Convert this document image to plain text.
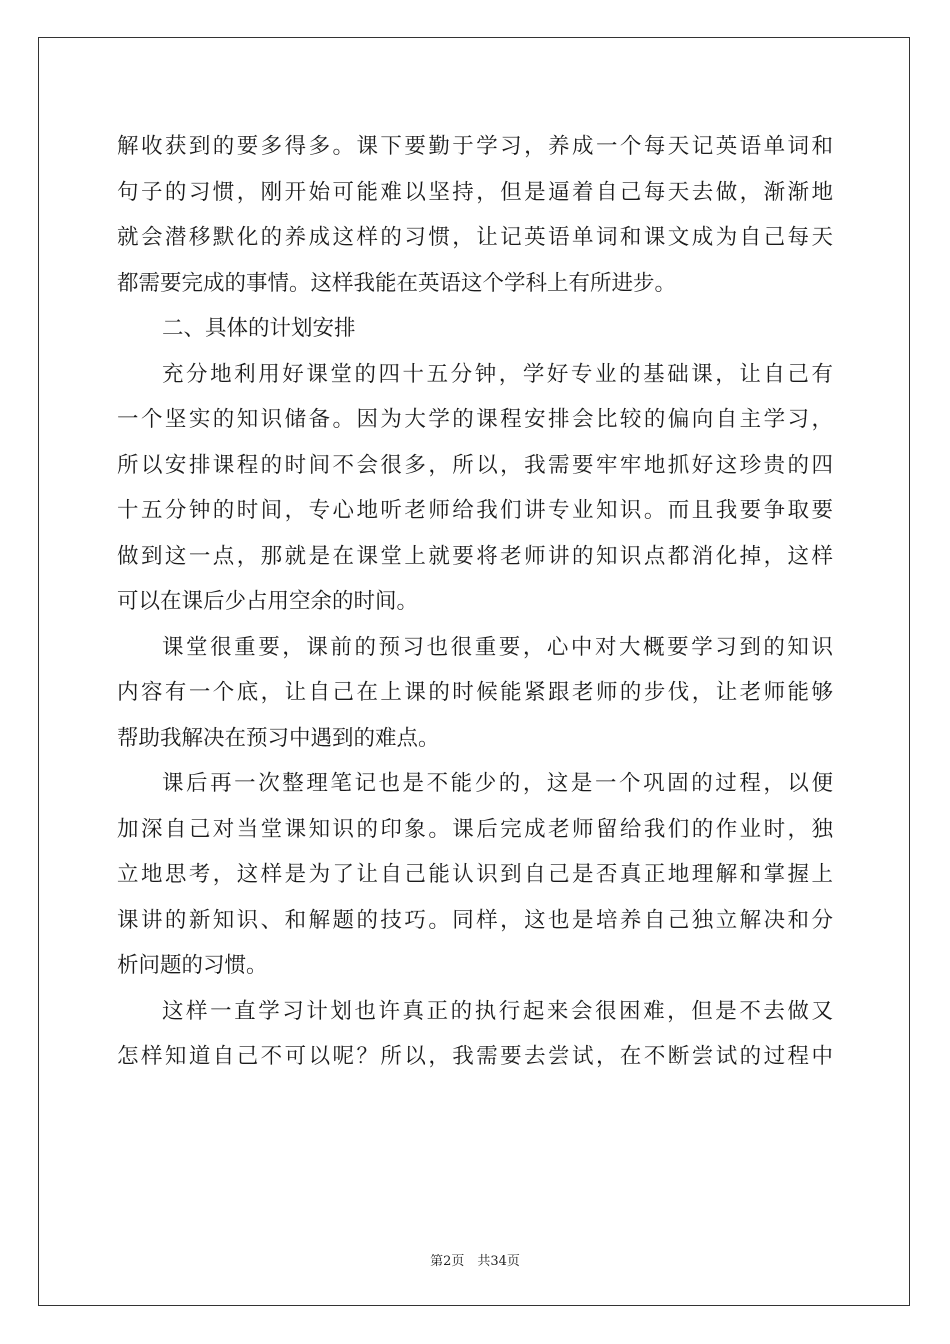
解收获到的要多得多。课下要勤于学习，养成一个每天记英语单词和
句子的习惯，刚开始可能难以坚持，但是逼着自己每天去做，渐渐地
就会潜移默化的养成这样的习惯，让记英语单词和课文成为自己每天
都需要完成的事情。这样我能在英语这个学科上有所进步。
二、具体的计划安排
充分地利用好课堂的四十五分钟，学好专业的基础课，让自己有
一个坚实的知识储备。因为大学的课程安排会比较的偏向自主学习，
所以安排课程的时间不会很多，所以，我需要牢牢地抓好这珍贵的四
十五分钟的时间，专心地听老师给我们讲专业知识。而且我要争取要
做到这一点，那就是在课堂上就要将老师讲的知识点都消化掉，这样
可以在课后少占用空余的时间。
课堂很重要，课前的预习也很重要，心中对大概要学习到的知识
内容有一个底，让自己在上课的时候能紧跟老师的步伐，让老师能够
帮助我解决在预习中遇到的难点。
课后再一次整理笔记也是不能少的，这是一个巩固的过程，以便
加深自己对当堂课知识的印象。课后完成老师留给我们的作业时，独
立地思考，这样是为了让自己能认识到自己是否真正地理解和掌握上
课讲的新知识、和解题的技巧。同样，这也是培养自己独立解决和分
析问题的习惯。
这样一直学习计划也许真正的执行起来会很困难，但是不去做又
怎样知道自己不可以呢？所以，我需要去尝试，在不断尝试的过程中
第2页　共34页
